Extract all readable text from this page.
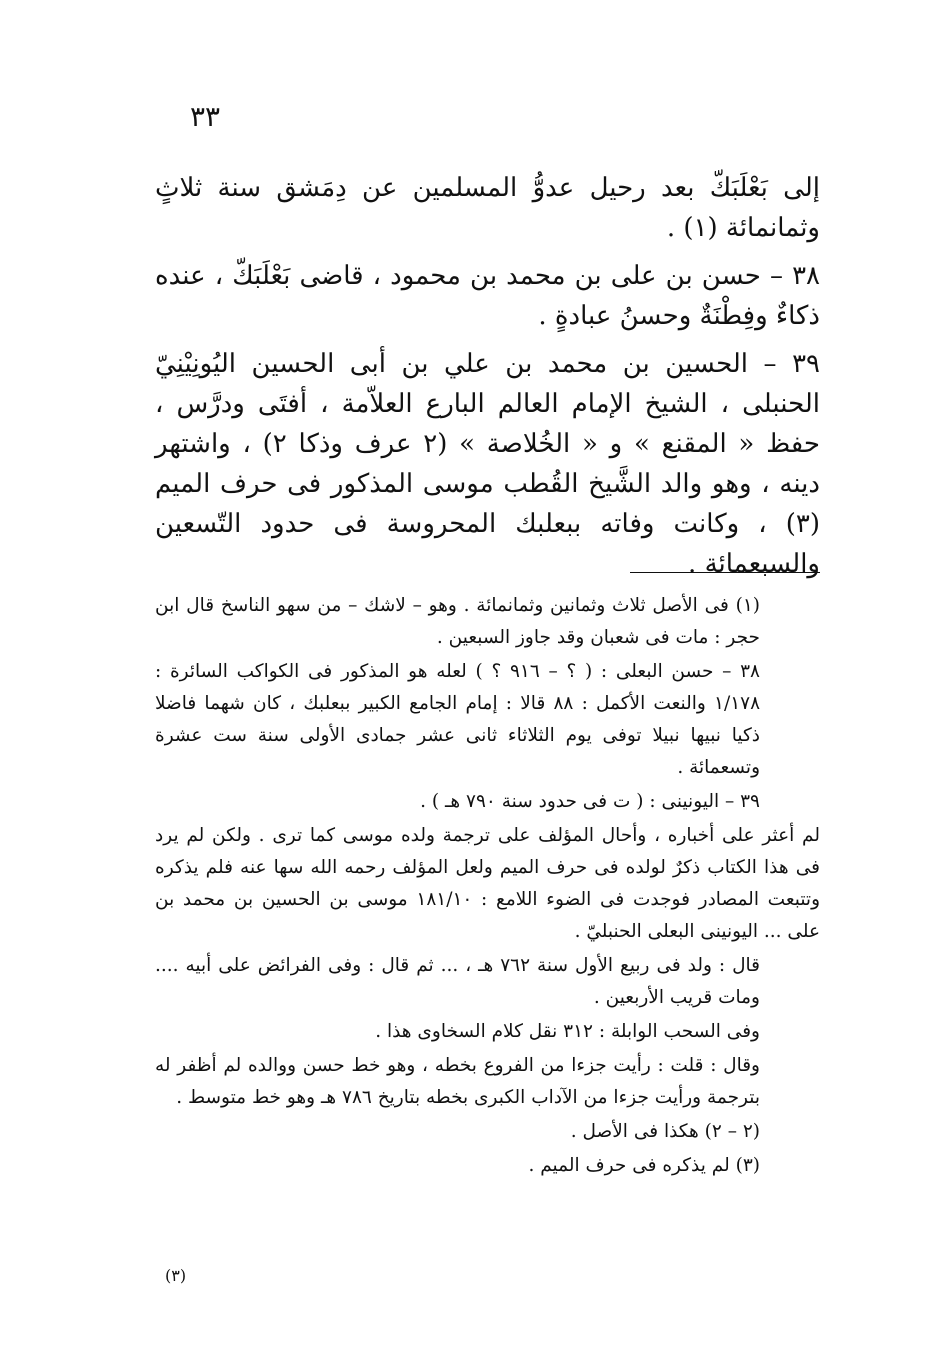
٣٣

إلى بَعْلَبَكّ بعد رحيل عدوُّ المسلمين عن دِمَشق سنة ثلاثٍ وثمانمائة (١) .

٣٨ – حسن بن على بن محمد بن محمود ، قاضى بَعْلَبَكّ ، عنده ذكاءٌ وفِطْنَةٌ وحسنُ عبادةٍ .

٣٩ – الحسين بن محمد بن علي بن أبى الحسين اليُونِيْنِيّ الحنبلى ، الشيخ الإمام العالم البارع العلاّمة ، أفتَى ودرَّس ، حفظ « المقنع » و « الخُلاصة » (٢ عرف وذكا ٢) ، واشتهر دينه ، وهو والد الشَّيخ القُطب موسى المذكور فى حرف الميم (٣) ، وكانت وفاته ببعلبك المحروسة فى حدود التّسعين والسبعمائة .

(١) فى الأصل ثلاث وثمانين وثمانمائة . وهو – لاشك – من سهو الناسخ قال ابن حجر : مات فى شعبان وقد جاوز السبعين .

٣٨ – حسن البعلى : ( ؟ – ٩١٦ ؟ ) لعله هو المذكور فى الكواكب السائرة : ١/١٧٨ والنعت الأكمل : ٨٨ قالا : إمام الجامع الكبير ببعلبك ، كان شهما فاضلا ذكيا نبيها نبيلا توفى يوم الثلاثاء ثانى عشر جمادى الأولى سنة ست عشرة وتسعمائة .

٣٩ – اليونينى : ( ت فى حدود سنة ٧٩٠ هـ ) .

لم أعثر على أخباره ، وأحال المؤلف على ترجمة ولده موسى كما ترى . ولكن لم يرد فى هذا الكتاب ذكرٌ لولده فى حرف الميم ولعل المؤلف رحمه الله سها عنه فلم يذكره وتتبعت المصادر فوجدت فى الضوء اللامع : ١٨١/١٠ موسى بن الحسين بن محمد بن على ... اليونينى البعلى الحنبليّ .

قال : ولد فى ربيع الأول سنة ٧٦٢ هـ ، ... ثم قال : وفى الفرائض على أبيه .... ومات قريب الأربعين .

وفى السحب الوابلة : ٣١٢ نقل كلام السخاوى هذا .

وقال : قلت : رأيت جزءا من الفروع بخطه ، وهو خط حسن ووالده لم أظفر له بترجمة ورأيت جزءا من الآداب الكبرى بخطه بتاريخ ٧٨٦ هـ وهو خط متوسط .

(٢ – ٢) هكذا فى الأصل .

(٣) لم يذكره فى حرف الميم .

(٣)
